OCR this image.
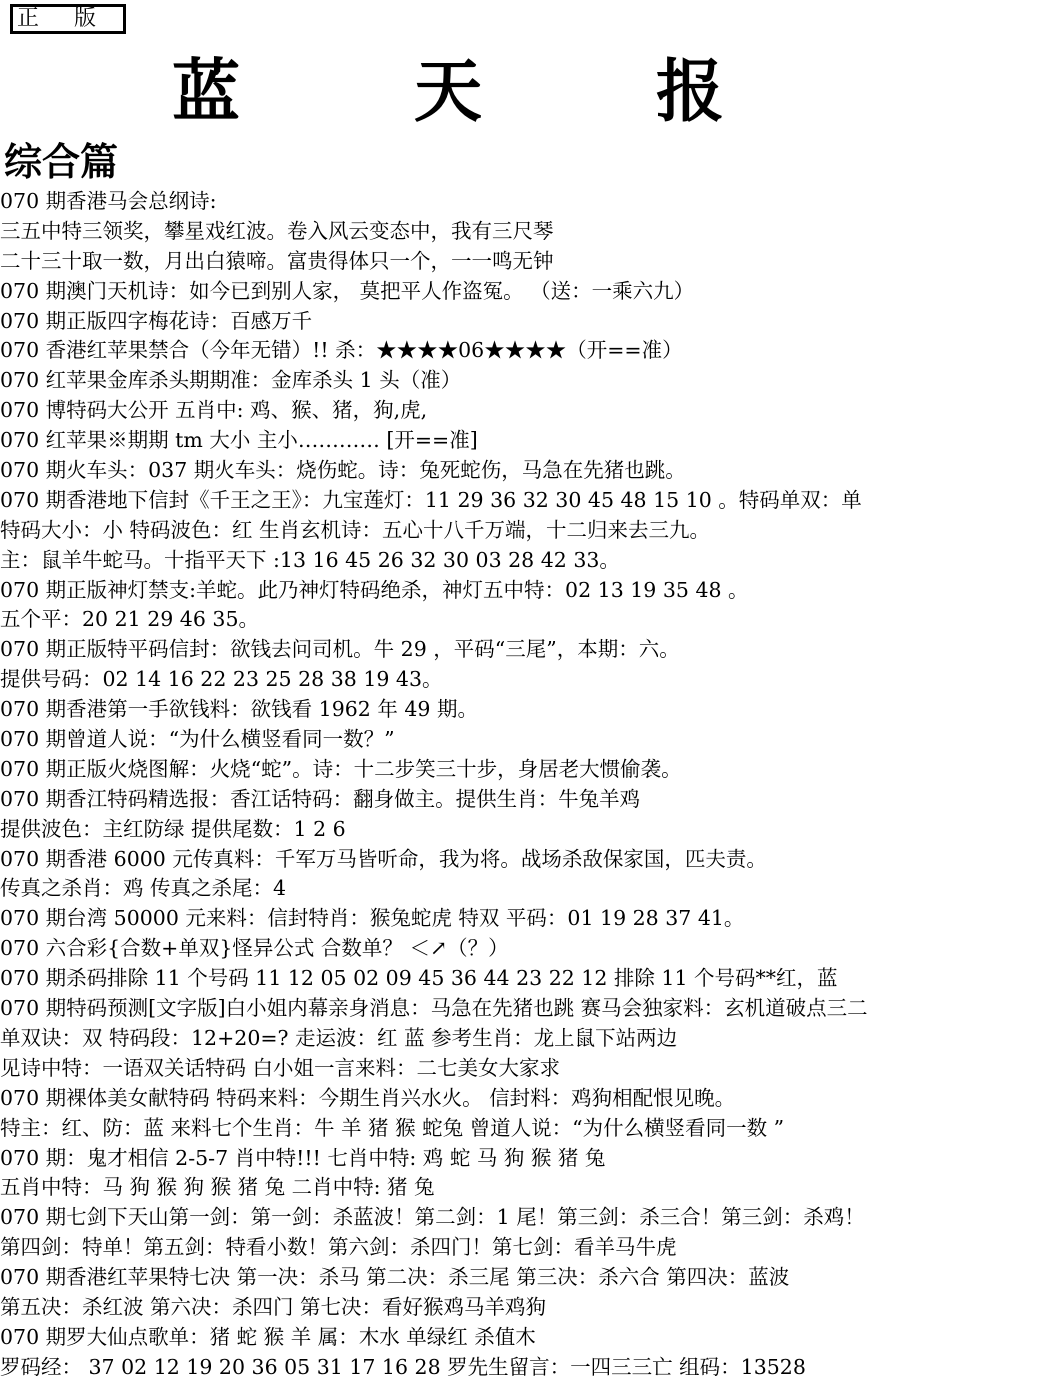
正 版
蓝	天	报
综合篇
070 期香港马会总纲诗:
三五中特三领奖，攀星戏红波。卷入风云变态中，我有三尺琴
二十三十取一数，月出白猿啼。富贵得体只一个，一一鸣无钟
070 期澳门天机诗：如今已到别人家， 莫把平人作盗冤。 （送：一乘六九）
070 期正版四字梅花诗：百感万千
070 香港红苹果禁合（今年无错）!! 杀：★★★★06★★★★（开==准）
070 红苹果金库杀头期期准：金库杀头 1 头（准）
070 博特码大公开 五肖中: 鸡、猴、猪，狗,虎,
070 红苹果※期期 tm 大小 主小………… [开==准]
070 期火车头：037 期火车头：烧伤蛇。诗：兔死蛇伤，马急在先猪也跳。
070 期香港地下信封《千王之王》：九宝莲灯：11 29 36 32 30 45 48 15 10 。特码单双：单
特码大小：小 特码波色：红 生肖玄机诗：五心十八千万端，十二归来去三九。
主：鼠羊牛蛇马。十指平天下 :13 16 45 26 32 30 03 28 42 33。
070 期正版神灯禁支:羊蛇。此乃神灯特码绝杀，神灯五中特：02 13 19 35 48 。
五个平：20 21 29 46 35。
070 期正版特平码信封：欲钱去问司机。牛 29 ，平码“三尾”，本期：六。
提供号码：02 14 16 22 23 25 28 38 19 43。
070 期香港第一手欲钱料：欲钱看 1962 年 49 期。
070 期曾道人说：“为什么横竖看同一数？”
070 期正版火烧图解：火烧“蛇”。诗：十二步笑三十步，身居老大惯偷袭。
070 期香江特码精选报：香江话特码：翻身做主。提供生肖：牛兔羊鸡
提供波色：主红防绿 提供尾数：1 2 6
070 期香港 6000 元传真料：千军万马皆听命，我为将。战场杀敌保家国，匹夫责。
传真之杀肖：鸡 传真之杀尾：4
070 期台湾 50000 元来料：信封特肖：猴兔蛇虎 特双 平码：01 19 28 37 41。
070 六合彩{合数+单双}怪异公式 合数单？ ＜↗（？）
070 期杀码排除 11 个号码 11 12 05 02 09 45 36 44 23 22 12 排除 11 个号码**红，蓝
070 期特码预测[文字版]白小姐内幕亲身消息：马急在先猪也跳 赛马会独家料：玄机道破点三二
单双诀：双 特码段：12+20=? 走运波：红 蓝 参考生肖：龙上鼠下站两边
见诗中特：一语双关话特码 白小姐一言来料：二七美女大家求
070 期裸体美女献特码 特码来料：今期生肖兴水火。 信封料：鸡狗相配恨见晚。
特主：红、防：蓝 来料七个生肖：牛 羊 猪 猴 蛇兔 曾道人说：“为什么横竖看同一数 ”
070 期：鬼才相信 2-5-7 肖中特!!! 七肖中特: 鸡 蛇 马 狗 猴 猪 兔
五肖中特：马 狗 猴 狗 猴 猪 兔 二肖中特: 猪 兔
070 期七剑下天山第一剑：第一剑：杀蓝波！第二剑：1 尾！第三剑：杀三合！第三剑：杀鸡！
第四剑：特单！第五剑：特看小数！第六剑：杀四门！第七剑：看羊马牛虎
070 期香港红苹果特七决 第一决：杀马 第二决：杀三尾 第三决：杀六合 第四决：蓝波
第五决：杀红波 第六决：杀四门 第七决：看好猴鸡马羊鸡狗
070 期罗大仙点歌单：猪 蛇 猴 羊 属：木水 单绿红 杀值木
罗码经： 37 02 12 19 20 36 05 31 17 16 28 罗先生留言：一四三三亡 组码：13528
